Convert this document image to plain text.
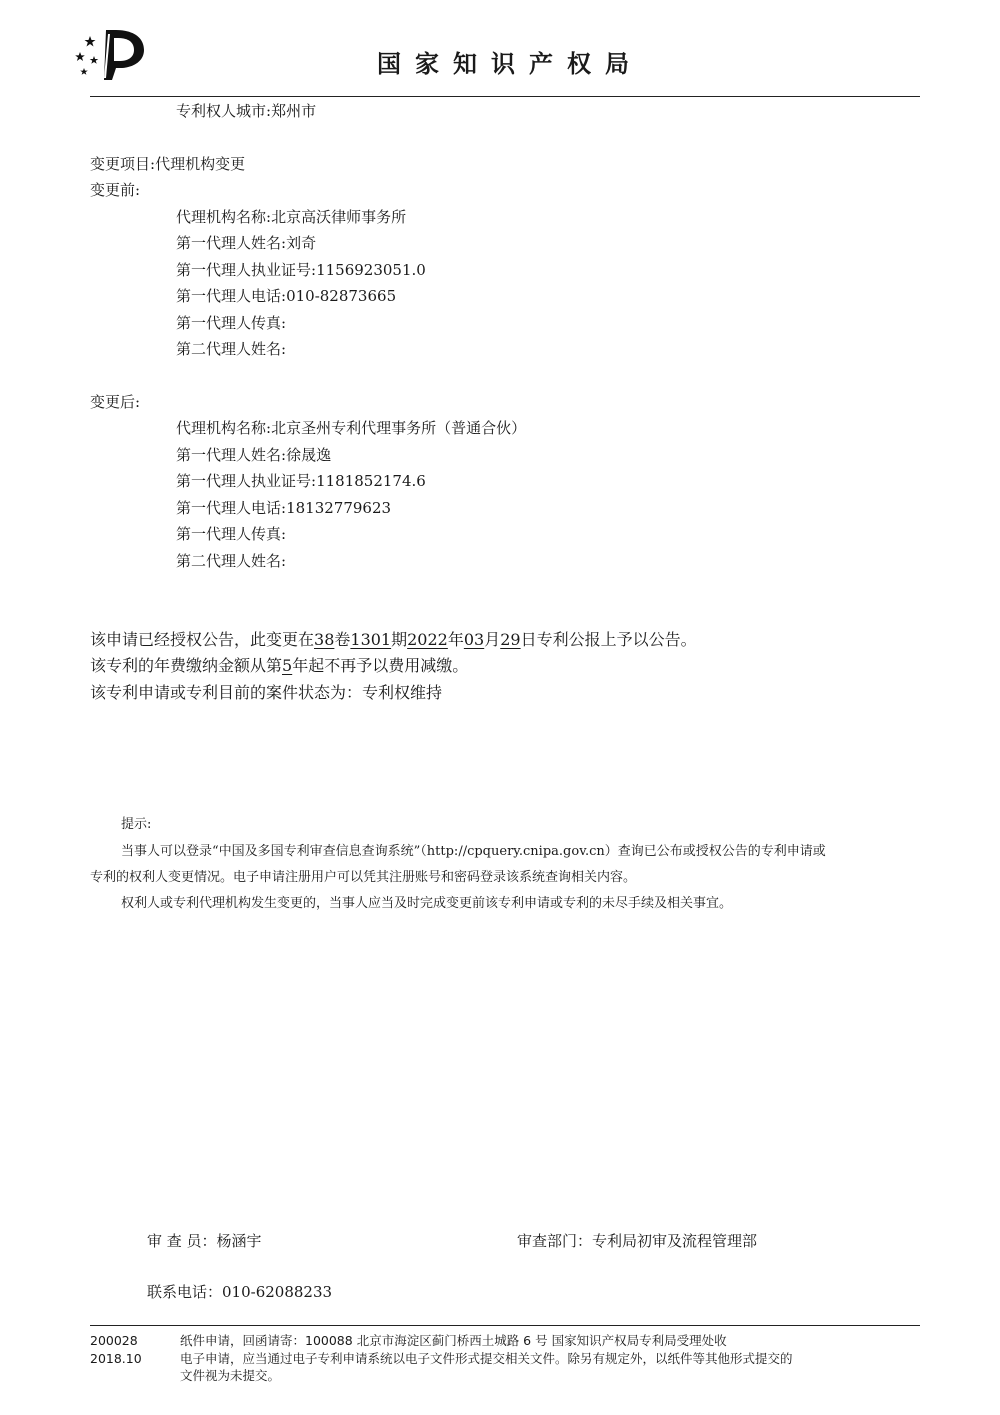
国家知识产权局
专利权人城市:郑州市
变更项目:代理机构变更
变更前:
代理机构名称:北京高沃律师事务所
第一代理人姓名:刘奇
第一代理人执业证号:1156923051.0
第一代理人电话:010-82873665
第一代理人传真:
第二代理人姓名:
变更后:
代理机构名称:北京圣州专利代理事务所（普通合伙）
第一代理人姓名:徐晟逸
第一代理人执业证号:1181852174.6
第一代理人电话:18132779623
第一代理人传真:
第二代理人姓名:
该申请已经授权公告，此变更在38卷1301期2022年03月29日专利公报上予以公告。
该专利的年费缴纳金额从第5年起不再予以费用减缴。
该专利申请或专利目前的案件状态为：专利权维持
提示:
当事人可以登录“中国及多国专利审查信息查询系统”（http://cpquery.cnipa.gov.cn）查询已公布或授权公告的专利申请或
专利的权利人变更情况。电子申请注册用户可以凭其注册账号和密码登录该系统查询相关内容。
权利人或专利代理机构发生变更的，当事人应当及时完成变更前该专利申请或专利的未尽手续及相关事宜。
审 查 员：杨涵宇	审查部门：专利局初审及流程管理部
联系电话：010-62088233
200028
2018.10
纸件申请，回函请寄：100088 北京市海淀区蓟门桥西土城路 6 号 国家知识产权局专利局受理处收
电子申请，应当通过电子专利申请系统以电子文件形式提交相关文件。除另有规定外，以纸件等其他形式提交的
文件视为未提交。
